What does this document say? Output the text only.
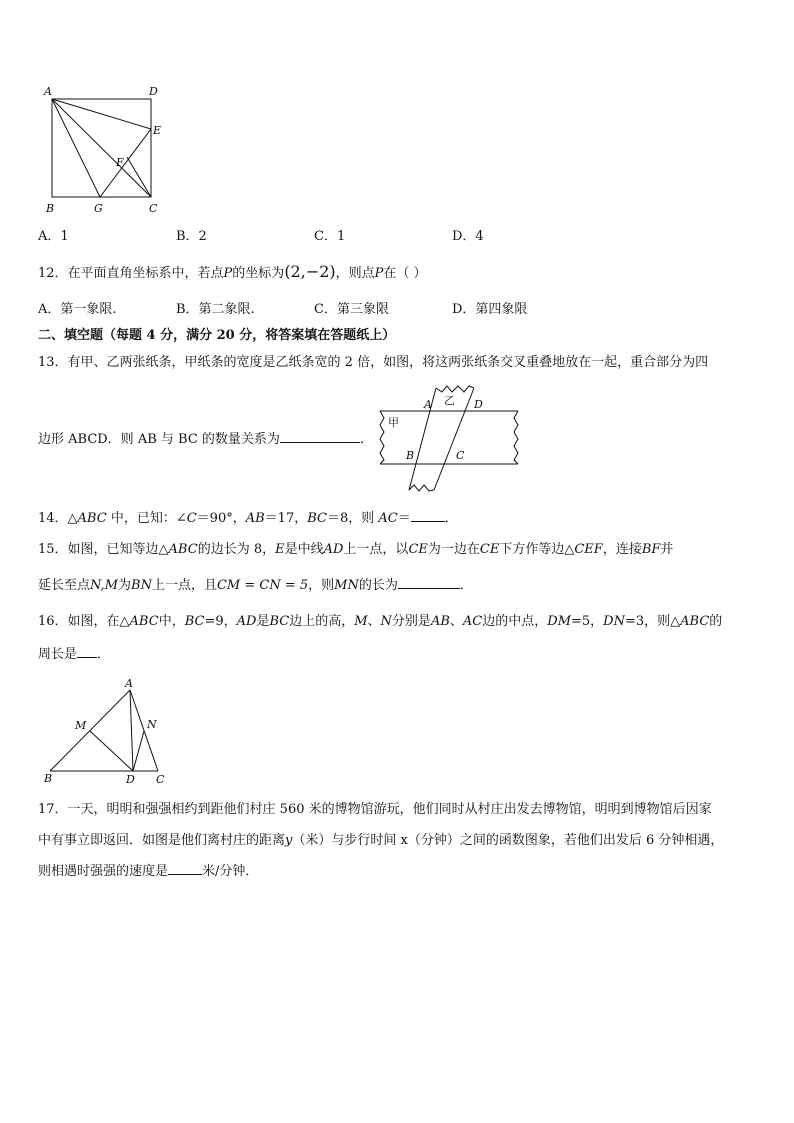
A	D
E
F
B	G	C
A．1	B．2	C．1	D．4
12．在平面直角坐标系中，若点P的坐标为(2,−2)，则点P在（ ）
A．第一象限.	B．第二象限.	C．第三象限	D．第四象限
二、填空题（每题 4 分，满分 20 分，将答案填在答题纸上）
13．有甲、乙两张纸条，甲纸条的宽度是乙纸条宽的 2 倍，如图，将这两张纸条交叉重叠地放在一起，重合部分为四
边形 ABCD．则 AB 与 BC 的数量关系为	．
A 乙 D
甲
B	C
14．△ABC 中，已知：∠C＝90°，AB＝17，BC＝8，则 AC＝	．
15．如图，已知等边△ABC的边长为 8，E是中线AD上一点，以CE为一边在CE下方作等边△CEF，连接BF并
延长至点N,M为BN上一点，且CM = CN = 5，则MN的长为	．
16．如图，在△ABC中，BC=9，AD是BC边上的高，M、N分别是AB、AC边的中点，DM=5，DN=3，则△ABC的
周长是 ．
A
M	N
B	D C
17．一天，明明和强强相约到距他们村庄 560 米的博物馆游玩，他们同时从村庄出发去博物馆，明明到博物馆后因家
中有事立即返回．如图是他们离村庄的距离y（米）与步行时间 x（分钟）之间的函数图象，若他们出发后 6 分钟相遇，
则相遇时强强的速度是	米/分钟．
